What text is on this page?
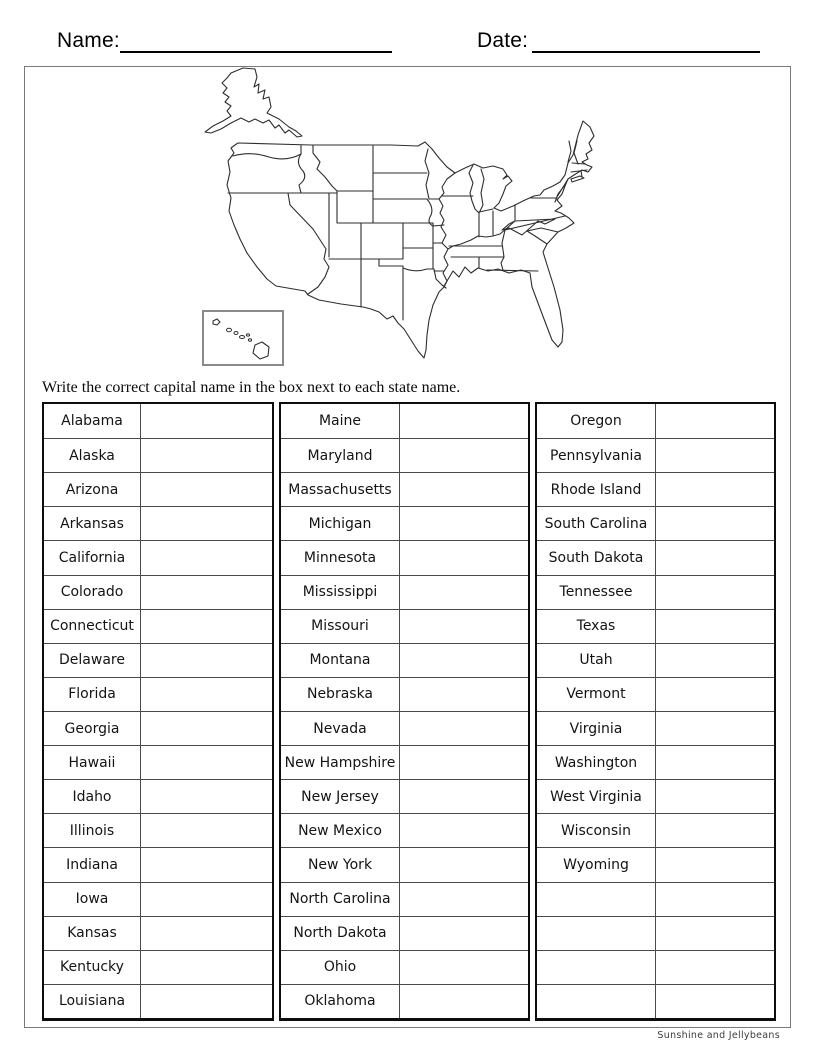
Name:	Date:
Write the correct capital name in the box next to each state name.
Alabama
Alaska
Arizona
Arkansas
California
Colorado
Connecticut
Delaware
Florida
Georgia
Hawaii
Idaho
Illinois
Indiana
Iowa
Kansas
Kentucky
Louisiana
Maine
Maryland
Massachusetts
Michigan
Minnesota
Mississippi
Missouri
Montana
Nebraska
Nevada
New Hampshire
New Jersey
New Mexico
New York
North Carolina
North Dakota
Ohio
Oklahoma
Oregon
Pennsylvania
Rhode Island
South Carolina
South Dakota
Tennessee
Texas
Utah
Vermont
Virginia
Washington
West Virginia
Wisconsin
Wyoming
Sunshine and Jellybeans
